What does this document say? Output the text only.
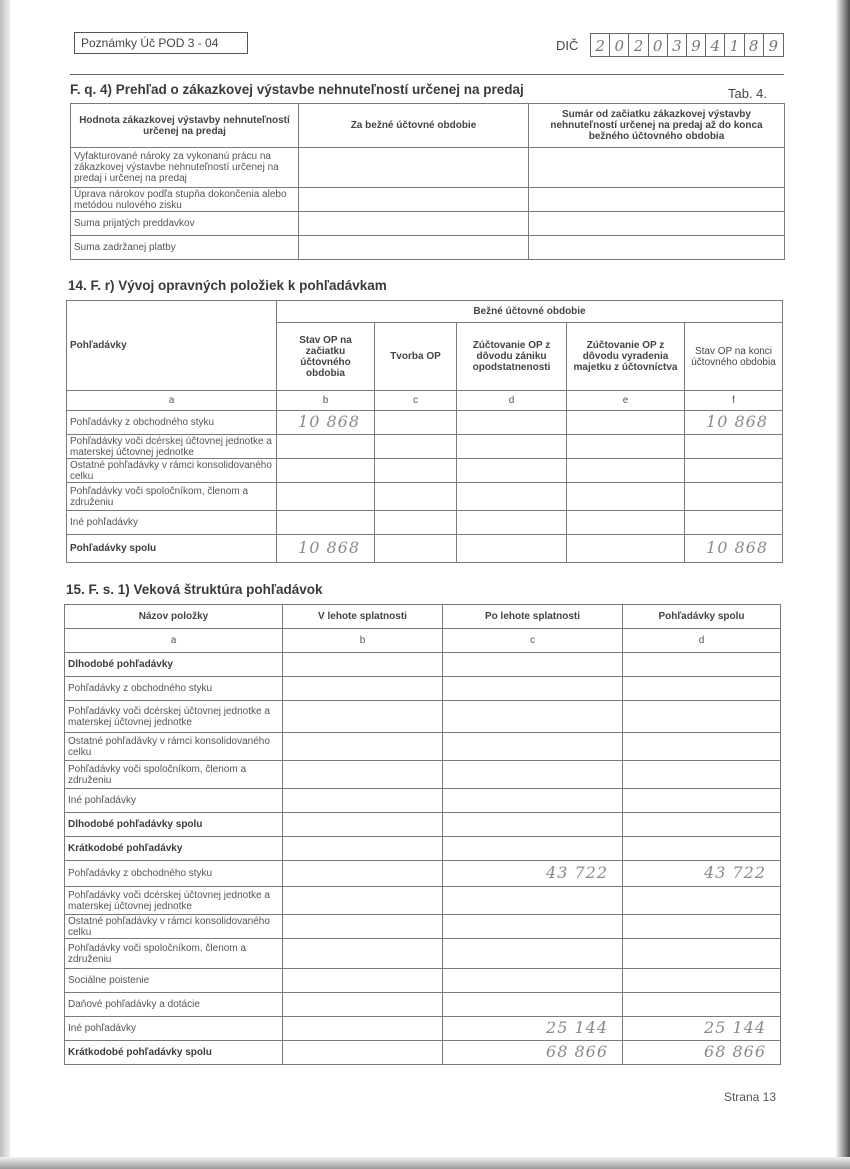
Poznámky Úč POD 3 - 04	DIČ 2 0 2 0 3 9 4 1 8 9
F. q. 4) Prehľad o zákazkovej výstavbe nehnuteľností určenej na predaj	Tab. 4.
Hodnota zákazkovej výstavby nehnuteľností určenej na predaj	Za bežné účtovné obdobie	Sumár od začiatku zákazkovej výstavby nehnuteľností určenej na predaj až do konca bežného účtovného obdobia
Vyfakturované nároky za vykonanú prácu na zákazkovej výstavbe nehnuteľností určenej na predaj i určenej na predaj		
Úprava nárokov podľa stupňa dokončenia alebo metódou nulového zisku		
Suma prijatých preddavkov		
Suma zadržanej platby		
14. F. r) Vývoj opravných položiek k pohľadávkam
Pohľadávky	Bežné účtovné obdobie				
	Stav OP na začiatku účtovného obdobia	Tvorba OP	Zúčtovanie OP z dôvodu zániku opodstatnenosti	Zúčtovanie OP z dôvodu vyradenia majetku z účtovníctva	Stav OP na konci účtovného obdobia
a	b	c	d	e	f
Pohľadávky z obchodného styku	10 868				10 868
Pohľadávky voči dcérskej účtovnej jednotke a materskej účtovnej jednotke					
Ostatné pohľadávky v rámci konsolidovaného celku					
Pohľadávky voči spoločníkom, členom a združeniu					
Iné pohľadávky					
Pohľadávky spolu	10 868				10 868
15. F. s. 1) Veková štruktúra pohľadávok
Názov položky	V lehote splatnosti	Po lehote splatnosti	Pohľadávky spolu
a	b	c	d
Dlhodobé pohľadávky			
Pohľadávky z obchodného styku			
Pohľadávky voči dcérskej účtovnej jednotke a materskej účtovnej jednotke			
Ostatné pohľadávky v rámci konsolidovaného celku			
Pohľadávky voči spoločníkom, členom a združeniu			
Iné pohľadávky			
Dlhodobé pohľadávky spolu			
Krátkodobé pohľadávky			
Pohľadávky z obchodného styku		43 722	43 722
Pohľadávky voči dcérskej účtovnej jednotke a materskej účtovnej jednotke			
Ostatné pohľadávky v rámci konsolidovaného celku			
Pohľadávky voči spoločníkom, členom a združeniu			
Sociálne poistenie			
Daňové pohľadávky a dotácie			
Iné pohľadávky		25 144	25 144
Krátkodobé pohľadávky spolu		68 866	68 866
Strana 13
